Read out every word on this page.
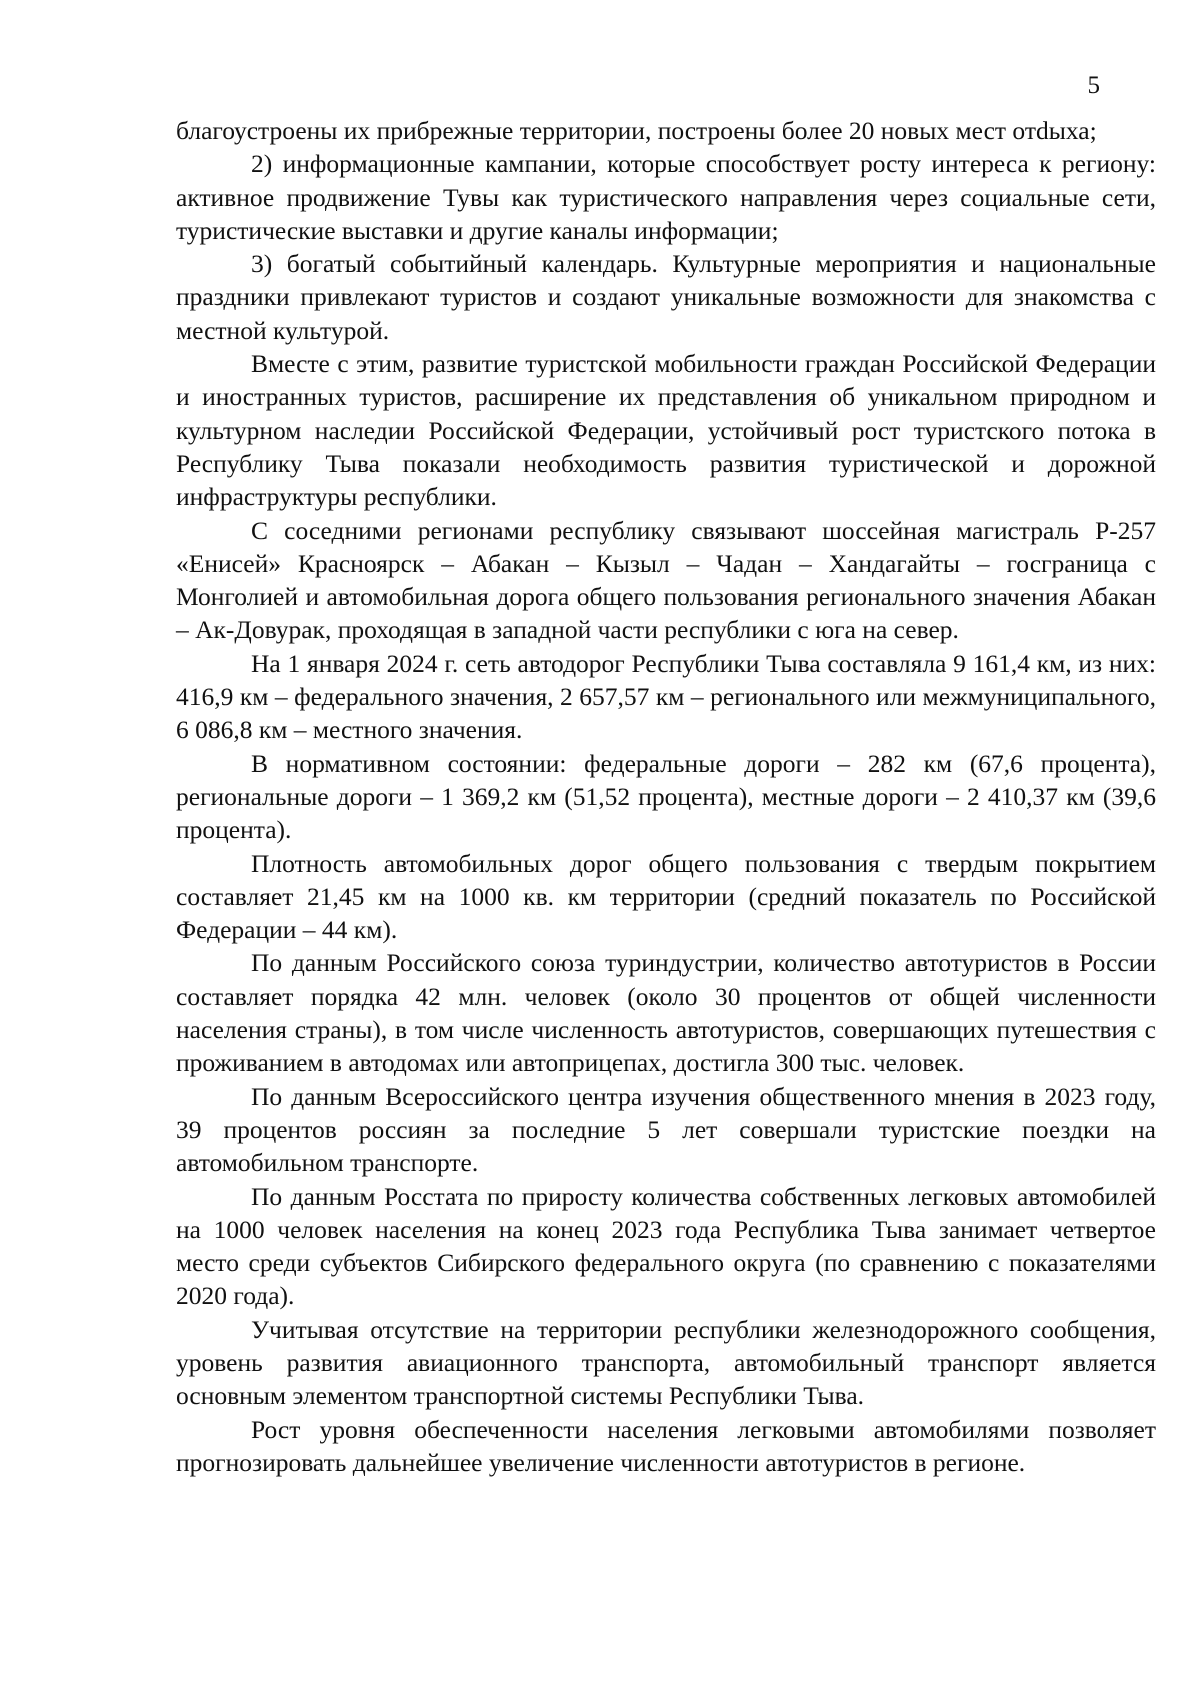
5

благоустроены их прибрежные территории, построены более 20 новых мест отdыха;

2) информационные кампании, которые способствует росту интереса к региону: активное продвижение Тувы как туристического направления через социальные сети, туристические выставки и другие каналы информации;

3) богатый событийный календарь. Культурные мероприятия и национальные праздники привлекают туристов и создают уникальные возможности для знакомства с местной культурой.

Вместе с этим, развитие туристской мобильности граждан Российской Федерации и иностранных туристов, расширение их представления об уникальном природном и культурном наследии Российской Федерации, устойчивый рост туристского потока в Республику Тыва показали необходимость развития туристической и дорожной инфраструктуры республики.

С соседними регионами республику связывают шоссейная магистраль Р-257 «Енисей» Красноярск – Абакан – Кызыл – Чадан – Хандагайты – госграница с Монголией и автомобильная дорога общего пользования регионального значения Абакан – Ак-Довурак, проходящая в западной части республики с юга на север.

На 1 января 2024 г. сеть автодорог Республики Тыва составляла 9 161,4 км, из них: 416,9 км – федерального значения, 2 657,57 км – регионального или межмуниципального, 6 086,8 км – местного значения.

В нормативном состоянии: федеральные дороги – 282 км (67,6 процента), региональные дороги – 1 369,2 км (51,52 процента), местные дороги – 2 410,37 км (39,6 процента).

Плотность автомобильных дорог общего пользования с твердым покрытием составляет 21,45 км на 1000 кв. км территории (средний показатель по Российской Федерации – 44 км).

По данным Российского союза туриндустрии, количество автотуристов в России составляет порядка 42 млн. человек (около 30 процентов от общей численности населения страны), в том числе численность автотуристов, совершающих путешествия с проживанием в автодомах или автоприцепах, достигла 300 тыс. человек.

По данным Всероссийского центра изучения общественного мнения в 2023 году, 39 процентов россиян за последние 5 лет совершали туристские поездки на автомобильном транспорте.

По данным Росстата по приросту количества собственных легковых автомобилей на 1000 человек населения на конец 2023 года Республика Тыва занимает четвертое место среди субъектов Сибирского федерального округа (по сравнению с показателями 2020 года).

Учитывая отсутствие на территории республики железнодорожного сообщения, уровень развития авиационного транспорта, автомобильный транспорт является основным элементом транспортной системы Республики Тыва.

Рост уровня обеспеченности населения легковыми автомобилями позволяет прогнозировать дальнейшее увеличение численности автотуристов в регионе.
